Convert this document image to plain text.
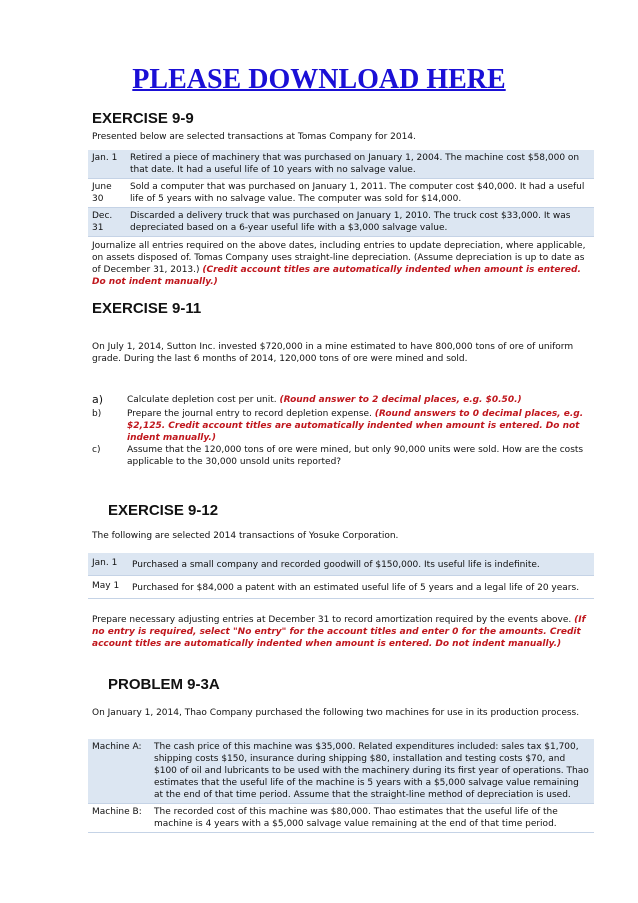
PLEASE DOWNLOAD HERE
EXERCISE 9-9
Presented below are selected transactions at Tomas Company for 2014.
Jan. 1	Retired a piece of machinery that was purchased on January 1, 2004. The machine cost $58,000 on that date. It had a useful life of 10 years with no salvage value.
June
30	Sold a computer that was purchased on January 1, 2011. The computer cost $40,000. It had a useful life of 5 years with no salvage value. The computer was sold for $14,000.
Dec.
31	Discarded a delivery truck that was purchased on January 1, 2010. The truck cost $33,000. It was depreciated based on a 6-year useful life with a $3,000 salvage value.
Journalize all entries required on the above dates, including entries to update depreciation, where applicable, on assets disposed of. Tomas Company uses straight-line depreciation. (Assume depreciation is up to date as of December 31, 2013.) (Credit account titles are automatically indented when amount is entered. Do not indent manually.)
EXERCISE 9-11
On July 1, 2014, Sutton Inc. invested $720,000 in a mine estimated to have 800,000 tons of ore of uniform grade. During the last 6 months of 2014, 120,000 tons of ore were mined and sold.
a)	Calculate depletion cost per unit. (Round answer to 2 decimal places, e.g. $0.50.)
b)	Prepare the journal entry to record depletion expense. (Round answers to 0 decimal places, e.g. $2,125. Credit account titles are automatically indented when amount is entered. Do not indent manually.)
c)	Assume that the 120,000 tons of ore were mined, but only 90,000 units were sold. How are the costs applicable to the 30,000 unsold units reported?
EXERCISE 9-12
The following are selected 2014 transactions of Yosuke Corporation.
Jan. 1	Purchased a small company and recorded goodwill of $150,000. Its useful life is indefinite.
May 1	Purchased for $84,000 a patent with an estimated useful life of 5 years and a legal life of 20 years.
Prepare necessary adjusting entries at December 31 to record amortization required by the events above. (If no entry is required, select "No entry" for the account titles and enter 0 for the amounts. Credit account titles are automatically indented when amount is entered. Do not indent manually.)
PROBLEM 9-3A
On January 1, 2014, Thao Company purchased the following two machines for use in its production process.
Machine A:	The cash price of this machine was $35,000. Related expenditures included: sales tax $1,700, shipping costs $150, insurance during shipping $80, installation and testing costs $70, and $100 of oil and lubricants to be used with the machinery during its first year of operations. Thao estimates that the useful life of the machine is 5 years with a $5,000 salvage value remaining at the end of that time period. Assume that the straight-line method of depreciation is used.
Machine B:	The recorded cost of this machine was $80,000. Thao estimates that the useful life of the machine is 4 years with a $5,000 salvage value remaining at the end of that time period.
